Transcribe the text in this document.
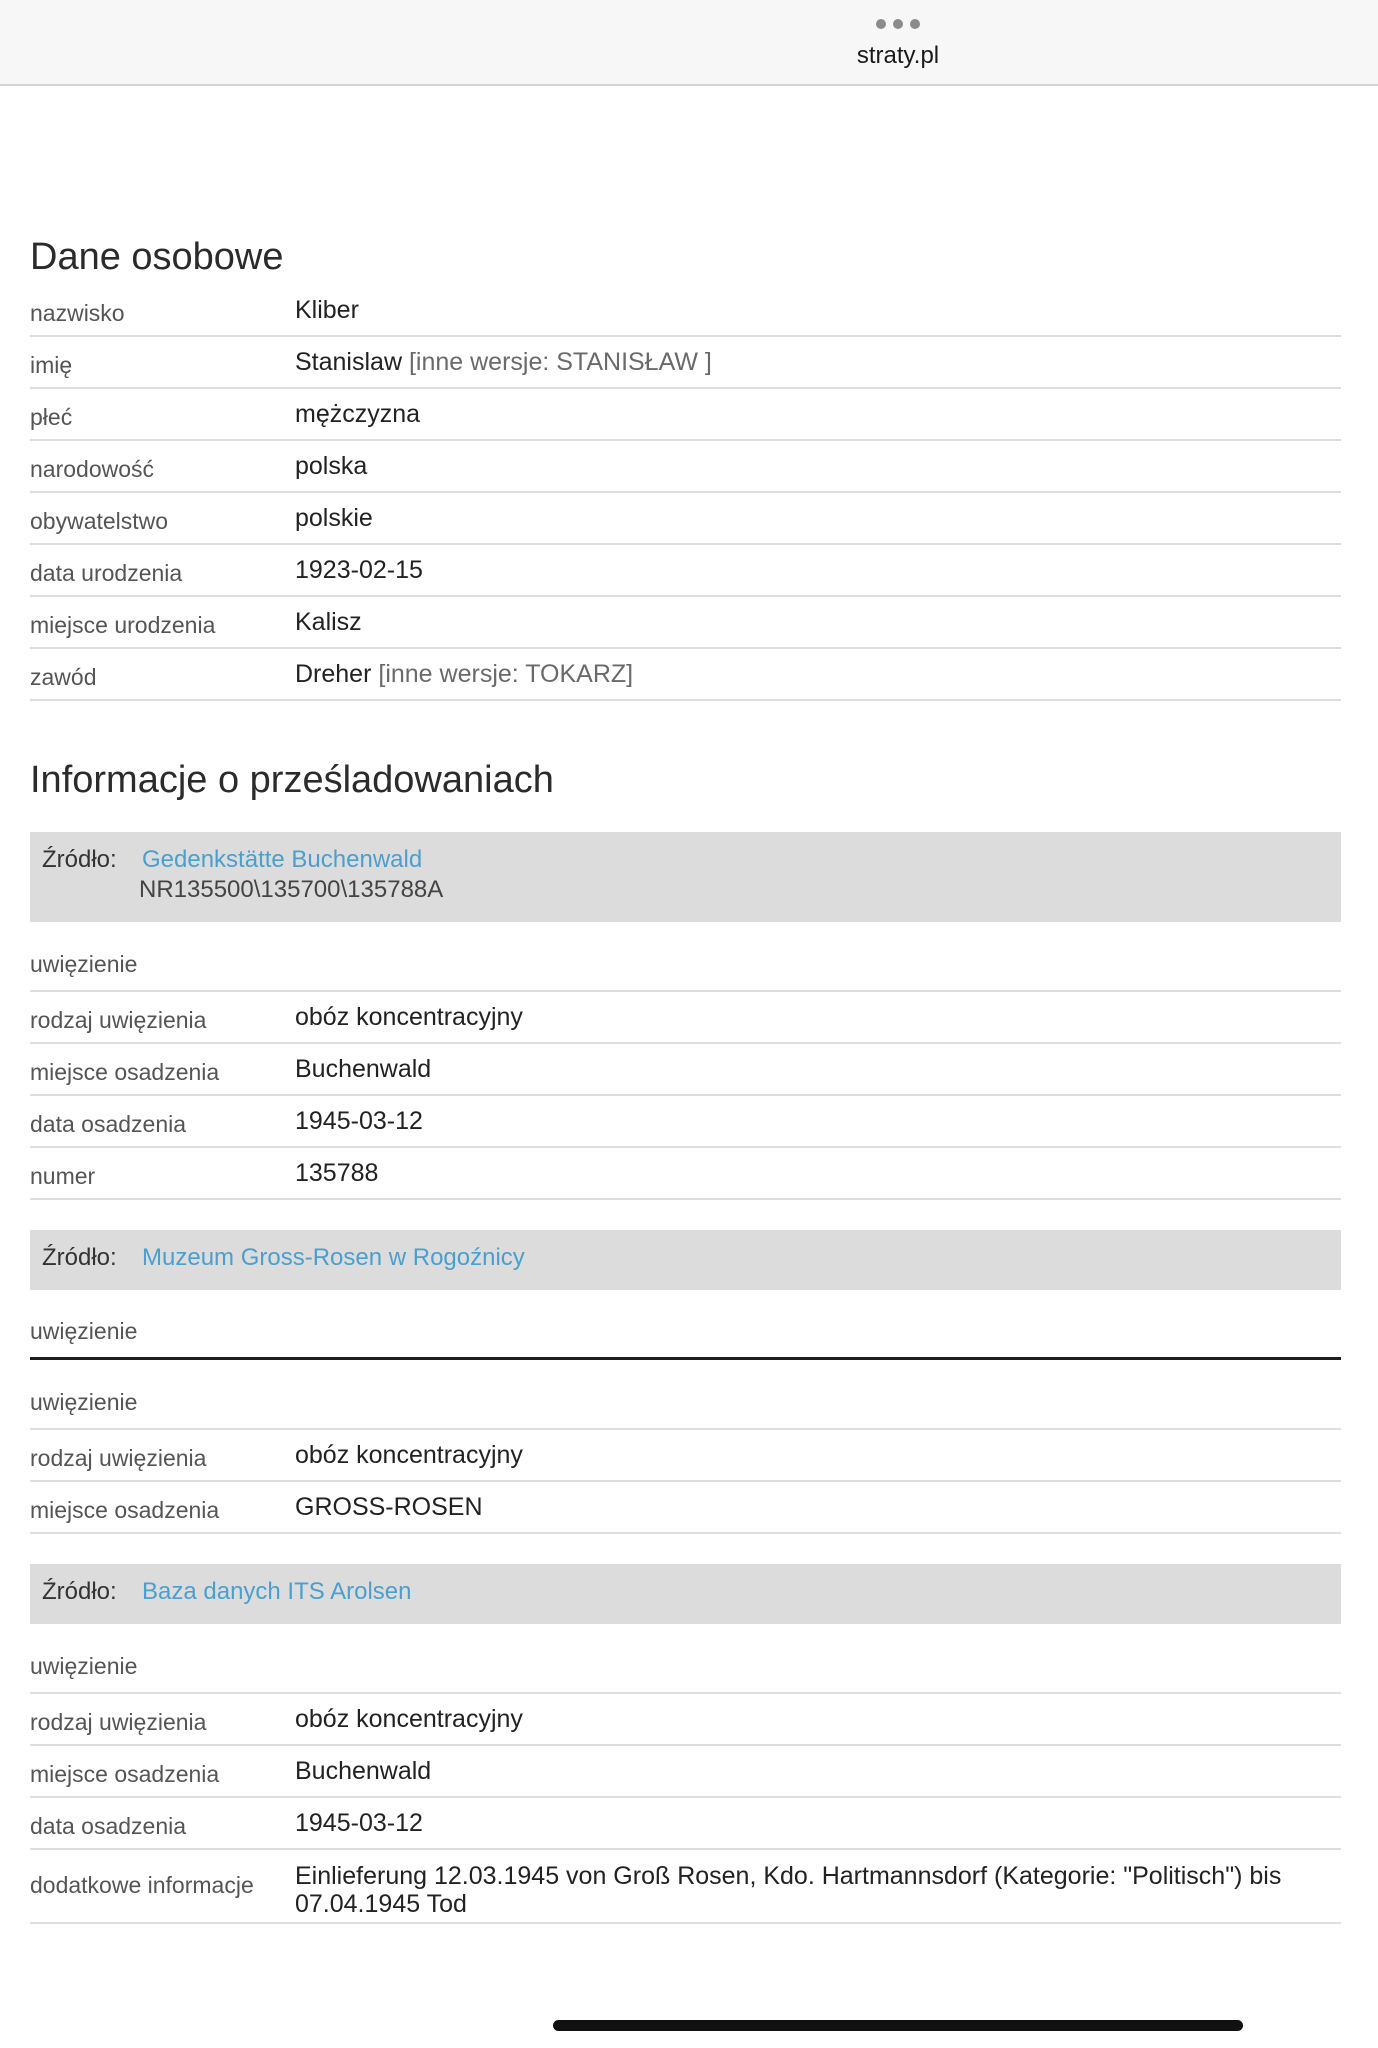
straty.pl
Dane osobowe
nazwisko	Kliber
imię	Stanislaw [inne wersje: STANISŁAW ]
płeć	mężczyzna
narodowość	polska
obywatelstwo	polskie
data urodzenia	1923-02-15
miejsce urodzenia	Kalisz
zawód	Dreher [inne wersje: TOKARZ]
Informacje o prześladowaniach
Źródło:	Gedenkstätte Buchenwald
NR135500\135700\135788A
uwięzienie
rodzaj uwięzienia	obóz koncentracyjny
miejsce osadzenia	Buchenwald
data osadzenia	1945-03-12
numer	135788
Źródło:	Muzeum Gross-Rosen w Rogoźnicy
uwięzienie
uwięzienie
rodzaj uwięzienia	obóz koncentracyjny
miejsce osadzenia	GROSS-ROSEN
Źródło:	Baza danych ITS Arolsen
uwięzienie
rodzaj uwięzienia	obóz koncentracyjny
miejsce osadzenia	Buchenwald
data osadzenia	1945-03-12
dodatkowe informacje	Einlieferung 12.03.1945 von Groß Rosen, Kdo. Hartmannsdorf (Kategorie: "Politisch") bis 07.04.1945 Tod
